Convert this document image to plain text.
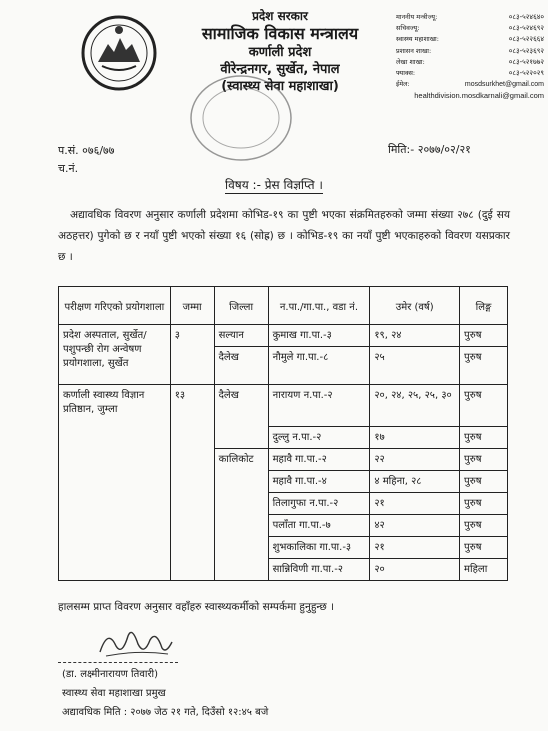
प्रदेश सरकार
सामाजिक विकास मन्त्रालय
कर्णाली प्रदेश
वीरेन्द्रनगर, सुर्खेत, नेपाल
(स्वास्थ्य सेवा महाशाखा)
माननीय मन्त्रीज्यू:	०८३-५२४६४०
सचिवज्यू:	०८३-५२४६९२
स्वास्थ्य महाशाखा:	०८३-५२२६६४
प्रशासन शाखा:	०८३-५२३६९२
लेखा शाखा:	०८३-५२१७७२
फ्याक्स:	०८३-५२२०२९
ईमेल:	mosdsurkhet@gmail.com
healthdivision.mosdkarnali@gmail.com
प.सं. ०७६/७७
च.नं.
मिति:- २०७७/०२/२१
विषय :- प्रेस विज्ञप्ति ।
अद्यावधिक विवरण अनुसार कर्णाली प्रदेशमा कोभिड-१९ का पुष्टी भएका संक्रमितहरुको जम्मा संख्या २७८ (दुई सय अठहत्तर) पुगेको छ र नयाँ पुष्टी भएको संख्या १६ (सोह्र) छ । कोभिड-१९ का नयाँ पुष्टी भएकाहरुको विवरण यसप्रकार छ ।
परीक्षण गरिएको प्रयोगशाला	जम्मा	जिल्ला	न.पा./गा.पा., वडा नं.	उमेर (वर्ष)	लिङ्ग
प्रदेश अस्पताल, सुर्खेत/ पशुपन्छी रोग अन्वेषण प्रयोगशाला, सुर्खेत	३	सल्यान	कुमाख गा.पा.-३	१९, २४	पुरुष
		दैलेख	नौमुले गा.पा.-८	२५	पुरुष
कर्णाली स्वास्थ्य विज्ञान प्रतिष्ठान, जुम्ला	१३	दैलेख	नारायण न.पा.-२	२०, २४, २५, २५, ३०	पुरुष
			दुल्लु न.पा.-२	१७	पुरुष
		कालिकोट	महावै गा.पा.-२	२२	पुरुष
			महावै गा.पा.-४	४ महिना, २८	पुरुष
			तिलागुफा न.पा.-२	२१	पुरुष
			पलाँता गा.पा.-७	४२	पुरुष
			शुभकालिका गा.पा.-३	२१	पुरुष
			सान्निविणी गा.पा.-२	२०	महिला
हालसम्म प्राप्त विवरण अनुसार वहाँहरु स्वास्थ्यकर्मीको सम्पर्कमा हुनुहुन्छ ।
(डा. लक्ष्मीनारायण तिवारी)
स्वास्थ्य सेवा महाशाखा प्रमुख
अद्यावधिक मिति : २०७७ जेठ २१ गते, दिउँसो १२:४५ बजे
